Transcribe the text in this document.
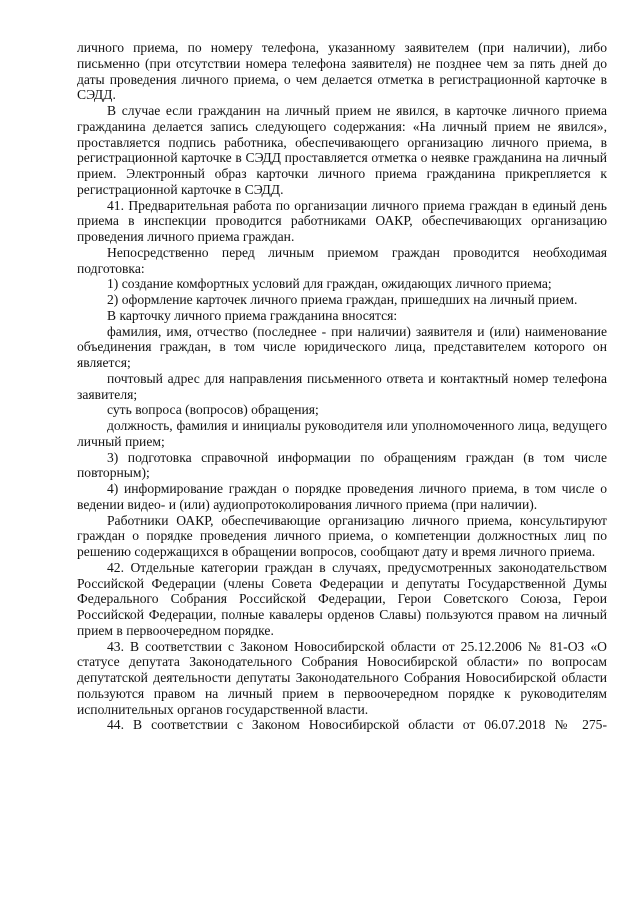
личного приема, по номеру телефона, указанному заявителем (при наличии), либо письменно (при отсутствии номера телефона заявителя) не позднее чем за пять дней до даты проведения личного приема, о чем делается отметка в регистрационной карточке в СЭДД.

В случае если гражданин на личный прием не явился, в карточке личного приема гражданина делается запись следующего содержания: «На личный прием не явился», проставляется подпись работника, обеспечивающего организацию личного приема, в регистрационной карточке в СЭДД проставляется отметка о неявке гражданина на личный прием. Электронный образ карточки личного приема гражданина прикрепляется к регистрационной карточке в СЭДД.

41. Предварительная работа по организации личного приема граждан в единый день приема в инспекции проводится работниками ОАКР, обеспечивающих организацию проведения личного приема граждан.

Непосредственно перед личным приемом граждан проводится необходимая подготовка:

1) создание комфортных условий для граждан, ожидающих личного приема;

2) оформление карточек личного приема граждан, пришедших на личный прием.

В карточку личного приема гражданина вносятся:

фамилия, имя, отчество (последнее - при наличии) заявителя и (или) наименование объединения граждан, в том числе юридического лица, представителем которого он является;

почтовый адрес для направления письменного ответа и контактный номер телефона заявителя;

суть вопроса (вопросов) обращения;

должность, фамилия и инициалы руководителя или уполномоченного лица, ведущего личный прием;

3) подготовка справочной информации по обращениям граждан (в том числе повторным);

4) информирование граждан о порядке проведения личного приема, в том числе о ведении видео- и (или) аудиопротоколирования личного приема (при наличии).

Работники ОАКР, обеспечивающие организацию личного приема, консультируют граждан о порядке проведения личного приема, о компетенции должностных лиц по решению содержащихся в обращении вопросов, сообщают дату и время личного приема.

42. Отдельные категории граждан в случаях, предусмотренных законодательством Российской Федерации (члены Совета Федерации и депутаты Государственной Думы Федерального Собрания Российской Федерации, Герои Советского Союза, Герои Российской Федерации, полные кавалеры орденов Славы) пользуются правом на личный прием в первоочередном порядке.

43. В соответствии с Законом Новосибирской области от 25.12.2006 № 81-ОЗ «О статусе депутата Законодательного Собрания Новосибирской области» по вопросам депутатской деятельности депутаты Законодательного Собрания Новосибирской области пользуются правом на личный прием в первоочередном порядке к руководителям исполнительных органов государственной власти.

44. В соответствии с Законом Новосибирской области от 06.07.2018 № 275-
